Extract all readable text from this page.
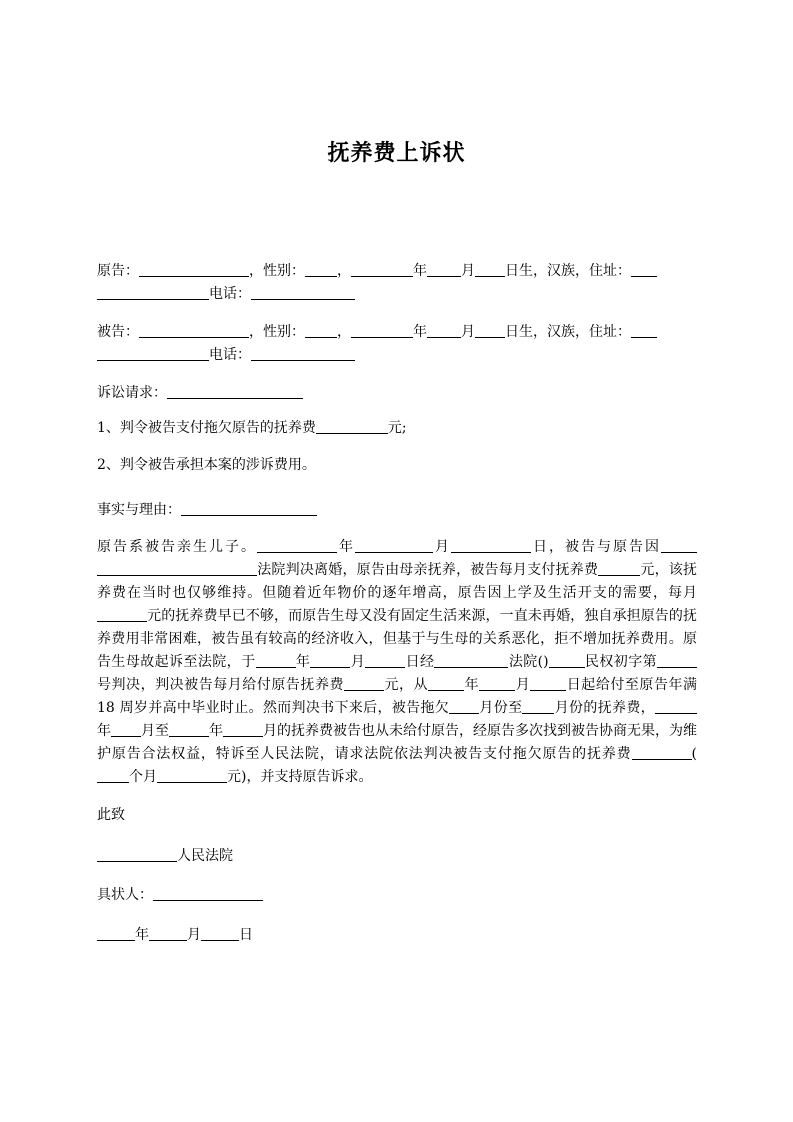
抚养费上诉状
原告：	，性别： ，	年 月 日生，汉族，住址：
电话：
被告：	，性别： ，	年 月 日生，汉族，住址：
电话：
诉讼请求：
1、判令被告支付拖欠原告的抚养费	元;
2、判令被告承担本案的涉诉费用。
事实与理由：
原告系被告亲生儿子。	年	月	日，被告与原告因法院判决离婚，原告由母亲抚养，被告每月支付抚养费	元，该抚养费在当时也仅够维持。但随着近年物价的逐年增高，原告因上学及生活开支的需要，每月元的抚养费早已不够，而原告生母又没有固定生活来源，一直未再婚，独自承担原告的抚养费用非常困难，被告虽有较高的经济收入，但基于与生母的关系恶化，拒不增加抚养费用。原告生母故起诉至法院，于	年	月	日经	法院()	民权初字第号判决，判决被告每月给付原告抚养费	元，从	年	月	日起给付至原告年满 18 周岁并高中毕业时止。然而判决书下来后，被告拖欠 月份至 月份的抚养费，年 月至	年	月的抚养费被告也从未给付原告，经原告多次找到被告协商无果，为维护原告合法权益，特诉至人民法院，请求法院依法判决被告支付拖欠原告的抚养费	(个月	元)，并支持原告诉求。
此致
人民法院
具状人：
年	月	日
